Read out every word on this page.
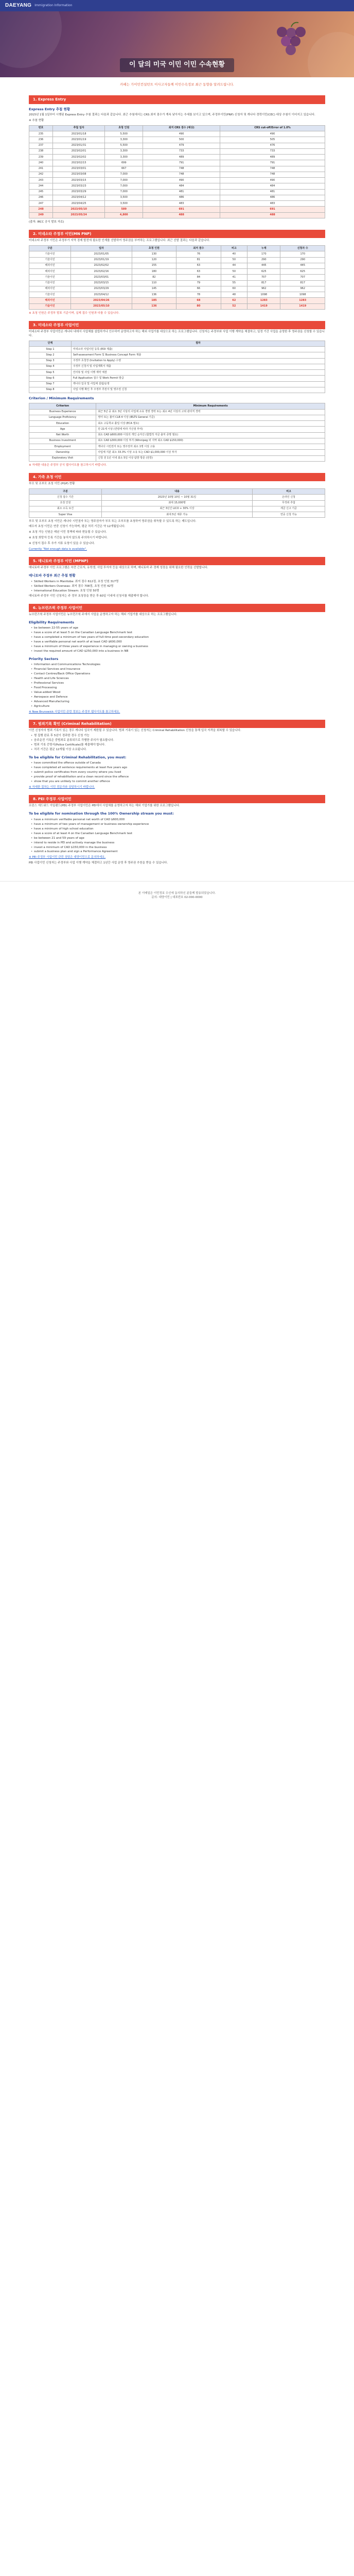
DAEYANG Immigration Information
이 달의 미국 이민 이민 수속현황
카페는 가이민컨설턴트 이사고자들께 이민수속정보 최근 동향을 알려드립니다.
1. Express Entry
Express Entry 추첨 현황

2015년 1월 1일부터 시행된 Express Entry 추첨 결과는 다음과 같습니다. 최근 추첨에서는 CRS 최저 점수가 계속 낮아지는 추세를 보이고 있으며, 주정부이민(PNP) 신청자 및 캐나다 경력이민(CEC) 대상 추첨이 이어지고 있습니다.

※ 추첨 현황

번호	추첨 일자	초청 인원	최저 CRS 점수 (예상)	CRS cut-off/Error of 1.0%
235	2023/01/18	5,500	490	490
236	2023/01/19	3,300	500	505
237	2023/01/31	5,500	479	476
238	2023/02/01	3,300	733	733
239	2023/02/02	3,300	489	489
240	2023/02/15	699	791	791
241	2023/03/01	667	748	748
242	2023/03/08	7,000	748	748
243	2023/03/15	7,000	490	490
244	2023/03/23	7,000	484	484
245	2023/03/29	7,000	481	481
246	2023/04/12	3,500	486	486
247	2023/04/25	3,500	483	483
248	2023/05/10	589	691	691
249	2023/05/24	4,800	488	488

(출처: IRCC 공식 발표 자료)

2. 미네소타 주정부 이민(MN PNP)

미네소타 주정부 이민은 주정부가 지역 경제 발전에 필요한 인재를 선발하여 영주권을 부여하는 프로그램입니다. 최근 선발 결과는 다음과 같습니다.

구분	일자	초청 인원	최저 점수	비고	누계	신청자 수
기술이민	2023/01/05	130	76	40	170	170
기술이민	2023/01/19	120	81	50	290	290
해외이민	2023/02/02	155	63	44	445	445
해외이민	2023/02/16	180	63	50	625	625
기술이민	2023/03/01	82	84	41	707	707
기술이민	2023/03/15	110	79	55	817	817
해외이민	2023/03/29	145	66	60	962	962
기술이민	2023/04/12	136	78	48	1098	1098
해외이민	2023/04/26	185	68	62	1283	1283
기술이민	2023/05/10	136	80	52	1419	1419

※ 초청 인원은 주정부 발표 기준이며, 실제 접수 인원과 다를 수 있습니다.

3. 미네소타 주정부 사업이민

미네소타 주정부 사업이민은 캐나다 내에서 사업체를 설립하거나 인수하여 운영하고자 하는 해외 사업가를 대상으로 하는 프로그램입니다. 신청자는 주정부와 사업 이행 계약을 체결하고, 일정 기간 사업을 운영한 후 영주권을 신청할 수 있습니다.

단계	절차
Step 1	미네소타 사업이민 등록 (EOI 제출)
Step 2	Self-assessment Form 및 Business Concept Form 제출
Step 3	주정부 초청장 (Invitation to Apply) 수령
Step 4	주정부 신청서 및 사업계획서 제출
Step 5	인터뷰 및 사업 이행 계약 체결
Step 6	Full Application 접수 및 Work Permit 발급
Step 7	캐나다 입국 및 사업체 설립/운영
Step 8	사업 이행 확인 후 주정부 추천서 및 영주권 신청
Criterion / Minimum Requirements
Criterion	Minimum Requirements
Business Experience	최근 5년 중 최소 3년 이상의 사업체 소유 경영 경력 또는 최소 4년 이상의 고위 관리직 경력
Language Proficiency	영어 또는 불어 CLB 4 이상 (IELTS General 기준)
Education	최소 고등학교 졸업 이상 (ECA 필요)
Age	만 21세 이상 (연령에 따라 가산점 부여)
Net Worth	최소 CAD $600,000 이상의 개인 순자산 (합법적 자금 출처 증명 필요)
Business Investment	최소 CAD $300,000 이상 투자 (Winnipeg 외 지역 최소 CAD $150,000)
Employment	캐나다 시민권자 또는 영주권자 최소 1명 이상 고용
Ownership	사업체 지분 최소 33.3% 이상 소유 또는 CAD $1,000,000 이상 투자
Exploratory Visit	신청 전 1년 이내 최소 5일 이상 탐방 방문 (권장)

※ 자세한 내용은 주정부 공식 웹사이트를 참고하시기 바랍니다.

4. 가족 초청 이민

부모 및 조부모 초청 이민 (PGP) 현황

구분	내용	비고
신청 접수 기간	2023년 10월 10일 ~ 10월 31일	온라인 신청
초청 인원	최대 15,000명	무작위 추첨
최소 소득 요건	최근 3년간 LICO + 30% 이상	세금 신고 기준
Super Visa	최대 5년 체류 가능	연중 신청 가능

부모 및 조부모 초청 이민은 캐나다 시민권자 또는 영주권자가 부모 또는 조부모를 초청하여 영주권을 취득할 수 있도록 하는 제도입니다.

배우자 초청 이민은 연중 신청이 가능하며, 평균 처리 기간은 약 12개월입니다.

※ 초청 가능 인원은 매년 이민 정책에 따라 변동될 수 있습니다.

※ 초청 희망자 등록 기간을 놓치지 않도록 주의하시기 바랍니다.

※ 신청서 접수 후 추가 서류 요청이 있을 수 있습니다.

Currently "Not enough data is available".

5. 매니토바 주정부 이민 (MPNP)

매니토바 주정부 이민 프로그램은 숙련 근로자, 유학생, 사업 투자자 등을 대상으로 하며, 매니토바 주 경제 성장을 위해 필요한 인력을 선발합니다.

매니토바 주정부 최근 추첨 현황
• Skilled Workers in Manitoba: 최저 점수 612점, 초청 인원 317명
• Skilled Workers Overseas: 최저 점수 708점, 초청 인원 42명
• International Education Stream: 초청 인원 50명

매니토바 주정부 이민 신청자는 주 정부 초청장을 받은 후 60일 이내에 신청서를 제출해야 합니다.

6. 뉴브런즈윅 주정부 사업이민

뉴브런즈윅 주정부 사업이민은 뉴브런즈윅 주에서 사업을 운영하고자 하는 해외 기업가를 대상으로 하는 프로그램입니다.

Eligibility Requirements
• be between 22-55 years of age
• have a score of at least 5 on the Canadian Language Benchmark test
• have a completed a minimum of two years of full-time post-secondary education
• have a verifiable personal net worth of at least CAD $600,000
• have a minimum of three years of experience in managing or owning a business
• invest the required amount of CAD $250,000 into a business in NB
Priority Sectors
• Information and Communications Technologies
• Financial Services and Insurance
• Contact Centres/Back Office Operations
• Health and Life Sciences
• Professional Services
• Food Processing
• Value-added Wood
• Aerospace and Defence
• Advanced Manufacturing
• Agriculture

※ New Brunswick 사업이민 관련 정보는 주정부 웹사이트를 참고하세요.

7. 범죄기록 확인 (Criminal Rehabilitation)

이민 신청자의 범죄 기록이 있는 경우 캐나다 입국이 제한될 수 있습니다. 범죄 기록이 있는 신청자는 Criminal Rehabilitation 신청을 통해 입국 자격을 회복할 수 있습니다.

• 형 집행 완료 후 5년이 경과한 경우 신청 가능
• 음주운전 기록은 중범죄로 분류되므로 각별한 주의가 필요합니다.
• 범죄 기록 증명서(Police Certificate)를 제출해야 합니다.
• 처리 기간은 평균 12개월 이상 소요됩니다.
To be eligible for Criminal Rehabilitation, you must:
• have committed the offence outside of Canada
• have completed all sentence requirements at least five years ago
• submit police certificates from every country where you lived
• provide proof of rehabilitation and a clean record since the offence
• show that you are unlikely to commit another offence

※ 자세한 절차는 이민 전문가와 상담하시기 바랍니다.

8. PEI 주정부 사업이민

프린스 에드워드 아일랜드(PEI) 주정부 사업이민은 PEI에서 사업체를 운영하고자 하는 해외 기업가를 위한 프로그램입니다.

To be eligible for nomination through the 100% Ownership stream you must:
• have a minimum verifiable personal net worth of CAD $600,000
• have a minimum of two years of management or business ownership experience
• have a minimum of high school education
• have a score of at least 4 on the Canadian Language Benchmark test
• be between 21 and 59 years of age
• intend to reside in PEI and actively manage the business
• invest a minimum of CAD $150,000 in the business
• submit a business plan and sign a Performance Agreement

※ PEI 주정부 사업이민 관련 상담은 대양이민으로 문의하세요.

PEI 사업이민 신청자는 주정부와 사업 이행 계약을 체결하고 1년간 사업 운영 후 영주권 추천을 받을 수 있습니다.

본 이메일은 이민정보 수신에 동의하신 분들께 발송되었습니다.

문의: 대양이민 | 대표번호 02-000-0000
